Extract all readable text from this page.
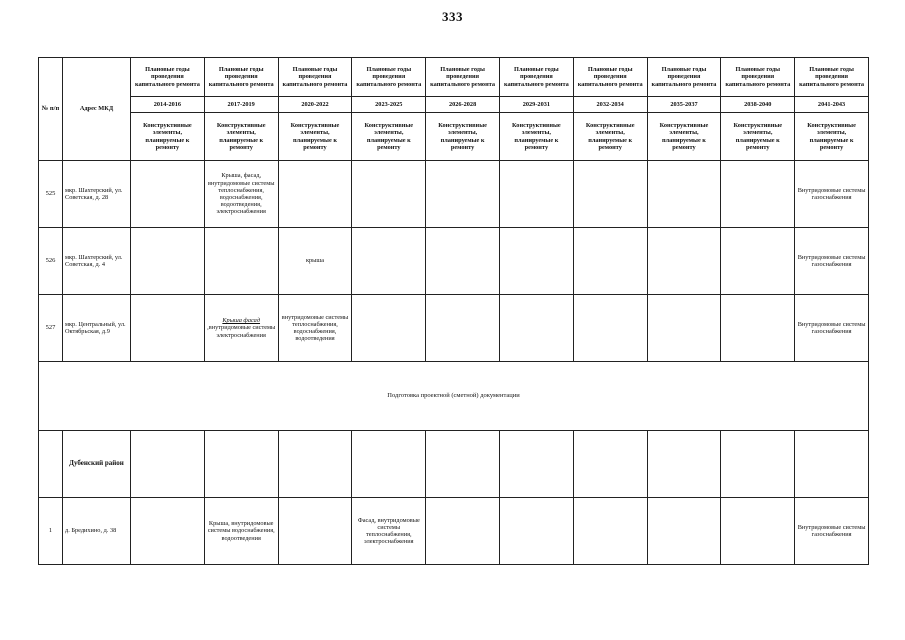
333
№ п/п	Адрес МКД	Плановые годы проведения капитального ремонта	Плановые годы проведения капитального ремонта	Плановые годы проведения капитального ремонта	Плановые годы проведения капитального ремонта	Плановые годы проведения капитального ремонта	Плановые годы проведения капитального ремонта	Плановые годы проведения капитального ремонта	Плановые годы проведения капитального ремонта	Плановые годы проведения капитального ремонта	Плановые годы проведения капитального ремонта
		2014-2016	2017-2019	2020-2022	2023-2025	2026-2028	2029-2031	2032-2034	2035-2037	2038-2040	2041-2043
		Конструктивные элементы, планируемые к ремонту	Конструктивные элементы, планируемые к ремонту	Конструктивные элементы, планируемые к ремонту	Конструктивные элементы, планируемые к ремонту	Конструктивные элементы, планируемые к ремонту	Конструктивные элементы, планируемые к ремонту	Конструктивные элементы, планируемые к ремонту	Конструктивные элементы, планируемые к ремонту	Конструктивные элементы, планируемые к ремонту	Конструктивные элементы, планируемые к ремонту
525	мкр. Шахтерский, ул. Советская, д. 28		Крыша, фасад, внутридомовые системы теплоснабжения, водоснабжения, водоотведения, электроснабжения								Внутридомовые системы газоснабжения
526	мкр. Шахтерский, ул. Советская, д. 4			крыша							Внутридомовые системы газоснабжения
527	мкр. Центральный, ул. Октябрьская, д.9		Крыша фасад ,внутридомовые системы электроснабжения	внутридомовые системы теплоснабжения, водоснабжения, водоотведения							Внутридомовые системы газоснабжения
Подготовка проектной (сметной) документации											
	Дубенский район										
1	д. Бредихино, д. 38		Крыша, внутридомовые системы водоснабжения, водоотведения		Фасад, внутридомовые системы теплоснабжения, электроснабжения						Внутридомовые системы газоснабжения
